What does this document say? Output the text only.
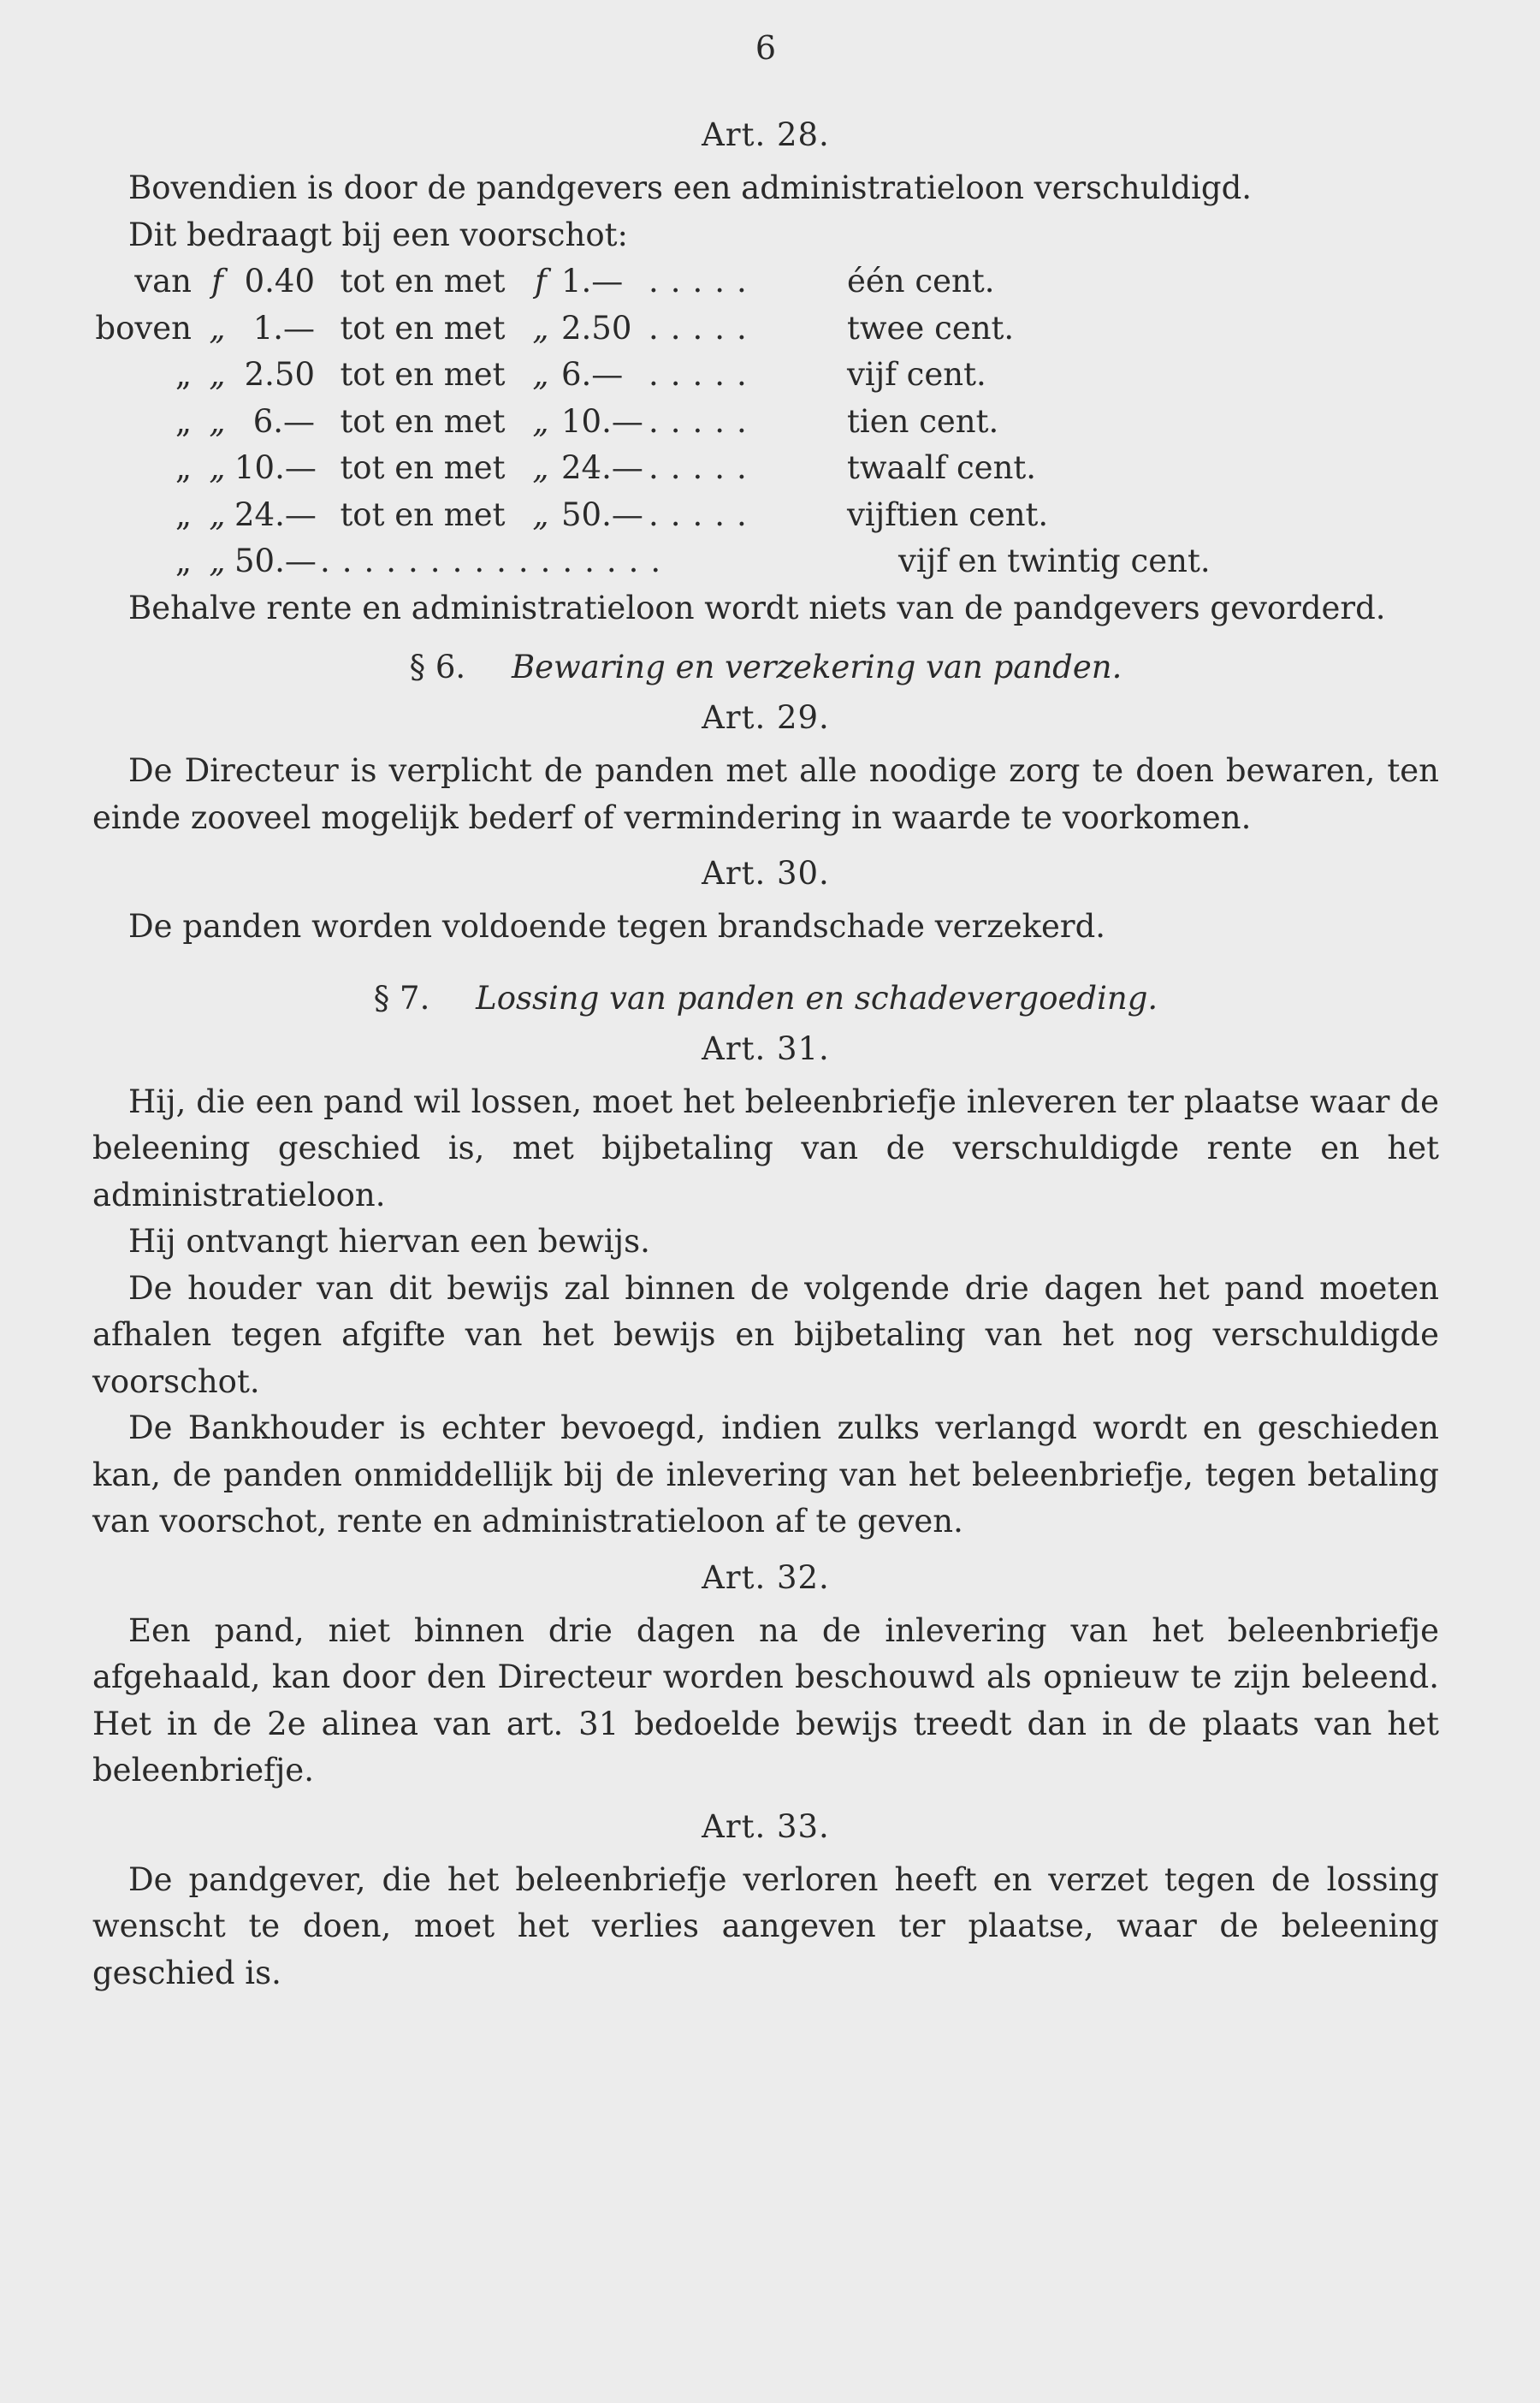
6
Art. 28.

Bovendien is door de pandgevers een administratieloon verschuldigd.

Dit bedraagt bij een voorschot:

van f 0.40 tot en met f 1.— .....	één cent.
boven „ 1.— tot en met „ 2.50 .....	twee cent.
„ „ 2.50 tot en met „ 6.— .....	vijf cent.
„ „ 6.— tot en met „ 10.— .....	tien cent.
„ „ 10.— tot en met „ 24.— .....	twaalf cent.
„ „ 24.— tot en met „ 50.— .....	vijftien cent.
„ „ 50.— ................	vijf en twintig cent.

Behalve rente en administratieloon wordt niets van de pandgevers gevorderd.

§ 6. Bewaring en verzekering van panden.
Art. 29.

De Directeur is verplicht de panden met alle noodige zorg te doen bewaren, ten einde zooveel mogelijk bederf of vermindering in waarde te voorkomen.

Art. 30.

De panden worden voldoende tegen brandschade verzekerd.

§ 7. Lossing van panden en schadevergoeding.
Art. 31.

Hij, die een pand wil lossen, moet het beleenbriefje inleveren ter plaatse waar de beleening geschied is, met bijbetaling van de verschuldigde rente en het administratieloon.

Hij ontvangt hiervan een bewijs.

De houder van dit bewijs zal binnen de volgende drie dagen het pand moeten afhalen tegen afgifte van het bewijs en bijbetaling van het nog verschuldigde voorschot.

De Bankhouder is echter bevoegd, indien zulks verlangd wordt en geschieden kan, de panden onmiddellijk bij de inlevering van het beleenbriefje, tegen betaling van voorschot, rente en administratieloon af te geven.

Art. 32.

Een pand, niet binnen drie dagen na de inlevering van het beleenbriefje afgehaald, kan door den Directeur worden beschouwd als opnieuw te zijn beleend. Het in de 2e alinea van art. 31 bedoelde bewijs treedt dan in de plaats van het beleenbriefje.

Art. 33.

De pandgever, die het beleenbriefje verloren heeft en verzet tegen de lossing wenscht te doen, moet het verlies aangeven ter plaatse, waar de beleening geschied is.
